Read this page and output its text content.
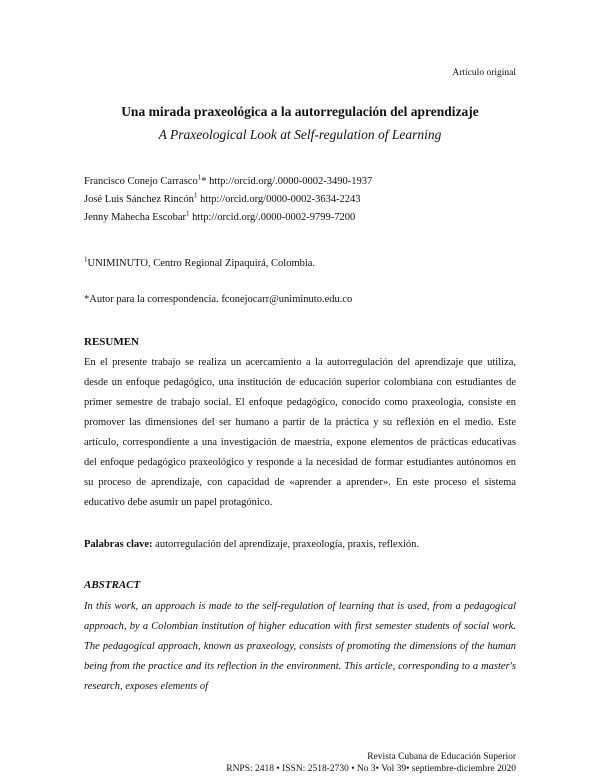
Artículo original
Una mirada praxeológica a la autorregulación del aprendizaje
A Praxeological Look at Self-regulation of Learning
Francisco Conejo Carrasco$^1$* http://orcid.org/.0000-0002-3490-1937
José Luis Sánchez Rincón$^1$ http://orcid.org/0000-0002-3634-2243
Jenny Mahecha Escobar$^1$ http://orcid.org/.0000-0002-9799-7200
$^1$UNIMINUTO, Centro Regional Zipaquirá, Colombia.
*Autor para la correspondencia. fconejocarr@uniminuto.edu.co
RESUMEN
En el presente trabajo se realiza un acercamiento a la autorregulación del aprendizaje que utiliza, desde un enfoque pedagógico, una institución de educación superior colombiana con estudiantes de primer semestre de trabajo social. El enfoque pedagógico, conocido como praxeología, consiste en promover las dimensiones del ser humano a partir de la práctica y su reflexión en el medio. Este artículo, correspondiente a una investigación de maestría, expone elementos de prácticas educativas del enfoque pedagógico praxeológico y responde a la necesidad de formar estudiantes autónomos en su proceso de aprendizaje, con capacidad de «aprender a aprender». En este proceso el sistema educativo debe asumir un papel protagónico.
Palabras clave: autorregulación del aprendizaje, praxeología, praxis, reflexión.
ABSTRACT
In this work, an approach is made to the self-regulation of learning that is used, from a pedagogical approach, by a Colombian institution of higher education with first semester students of social work. The pedagogical approach, known as praxeology, consists of promoting the dimensions of the human being from the practice and its reflection in the environment. This article, corresponding to a master's research, exposes elements of
Revista Cubana de Educación Superior
RNPS: 2418 • ISSN: 2518-2730 • No 3• Vol 39• septiembre-diciembre 2020
